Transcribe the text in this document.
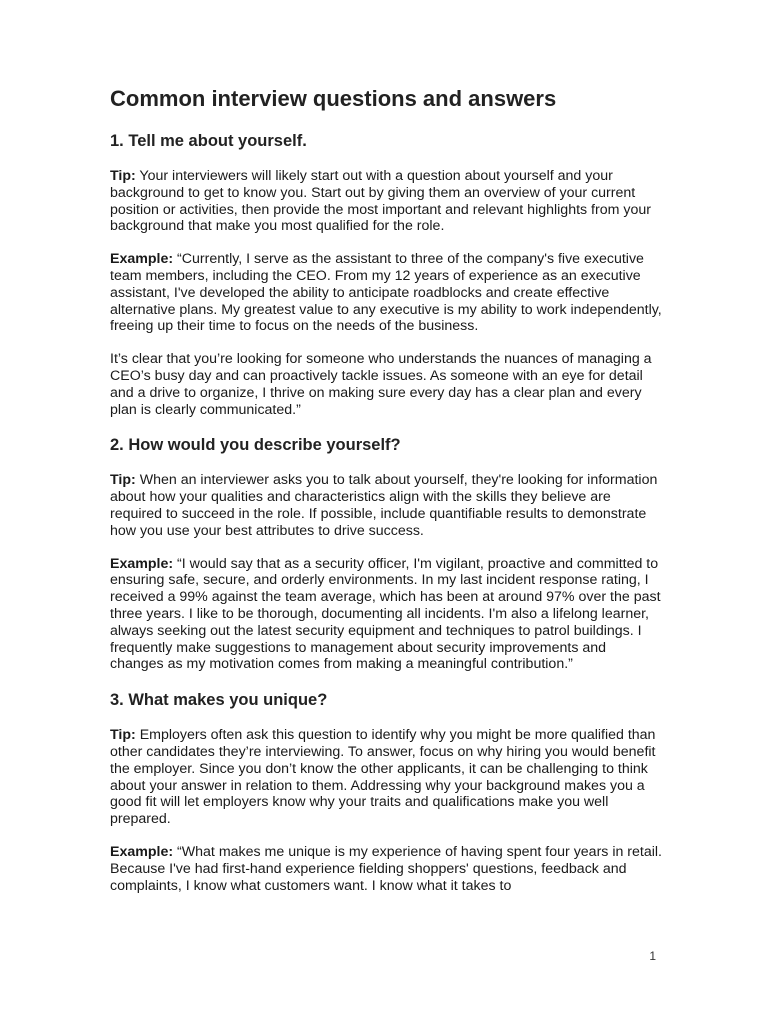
Common interview questions and answers
1. Tell me about yourself.

Tip: Your interviewers will likely start out with a question about yourself and your background to get to know you. Start out by giving them an overview of your current position or activities, then provide the most important and relevant highlights from your background that make you most qualified for the role.

Example: “Currently, I serve as the assistant to three of the company's five executive team members, including the CEO. From my 12 years of experience as an executive assistant, I've developed the ability to anticipate roadblocks and create effective alternative plans. My greatest value to any executive is my ability to work independently, freeing up their time to focus on the needs of the business.

It’s clear that you’re looking for someone who understands the nuances of managing a CEO’s busy day and can proactively tackle issues. As someone with an eye for detail and a drive to organize, I thrive on making sure every day has a clear plan and every plan is clearly communicated.”

2. How would you describe yourself?

Tip: When an interviewer asks you to talk about yourself, they're looking for information about how your qualities and characteristics align with the skills they believe are required to succeed in the role. If possible, include quantifiable results to demonstrate how you use your best attributes to drive success.

Example: “I would say that as a security officer, I'm vigilant, proactive and committed to ensuring safe, secure, and orderly environments. In my last incident response rating, I received a 99% against the team average, which has been at around 97% over the past three years. I like to be thorough, documenting all incidents. I'm also a lifelong learner, always seeking out the latest security equipment and techniques to patrol buildings. I frequently make suggestions to management about security improvements and changes as my motivation comes from making a meaningful contribution.”

3. What makes you unique?

Tip: Employers often ask this question to identify why you might be more qualified than other candidates they’re interviewing. To answer, focus on why hiring you would benefit the employer. Since you don’t know the other applicants, it can be challenging to think about your answer in relation to them. Addressing why your background makes you a good fit will let employers know why your traits and qualifications make you well prepared.

Example: “What makes me unique is my experience of having spent four years in retail. Because I've had first-hand experience fielding shoppers' questions, feedback and complaints, I know what customers want. I know what it takes to

1
